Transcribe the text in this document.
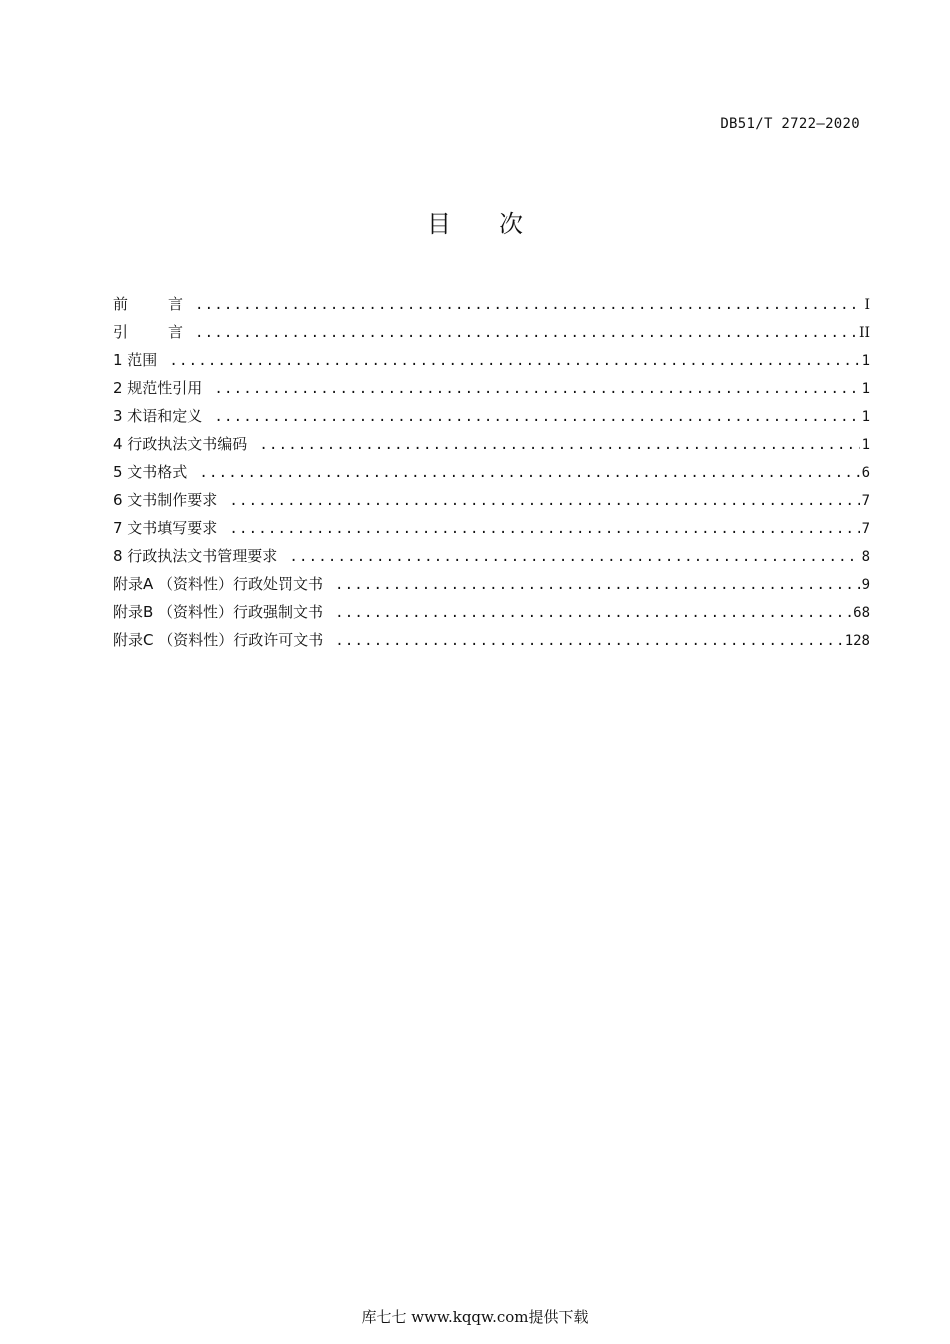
DB51/T 2722—2020
目次
前	言 .....	I
引	言 .....	II
1 范围 .....	1
2 规范性引用 .....	1
3 术语和定义 .....	1
4 行政执法文书编码 .....	1
5 文书格式 .....	6
6 文书制作要求 .....	7
7 文书填写要求 .....	7
8 行政执法文书管理要求 .....	8
附录A （资料性）行政处罚文书 .....	9
附录B （资料性）行政强制文书 .....	68
附录C （资料性）行政许可文书 .....	128
库七七 www.kqqw.com提供下载
